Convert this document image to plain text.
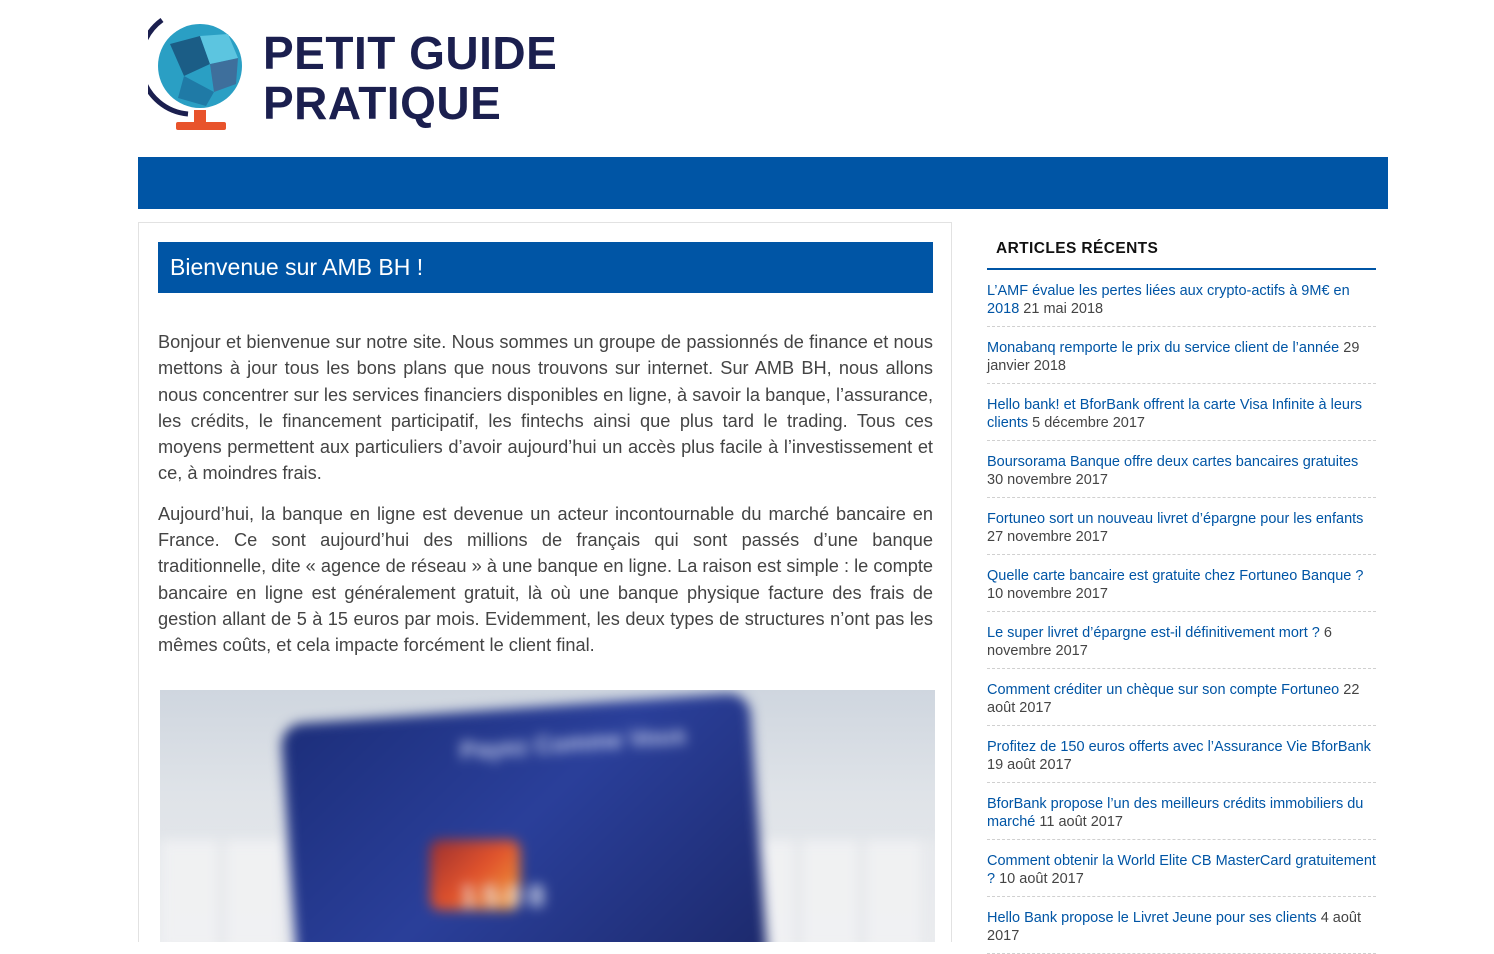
PETIT GUIDE
PRATIQUE
Bienvenue sur AMB BH !

Bonjour et bienvenue sur notre site. Nous sommes un groupe de passionnés de finance et nous mettons à jour tous les bons plans que nous trouvons sur internet. Sur AMB BH, nous allons nous concentrer sur les services financiers disponibles en ligne, à savoir la banque, l’assurance, les crédits, le financement participatif, les fintechs ainsi que plus tard le trading. Tous ces moyens permettent aux particuliers d’avoir aujourd’hui un accès plus facile à l’investissement et ce, à moindres frais.

Aujourd’hui, la banque en ligne est devenue un acteur incontournable du marché bancaire en France. Ce sont aujourd’hui des millions de français qui sont passés d’une banque traditionnelle, dite « agence de réseau » à une banque en ligne. La raison est simple : le compte bancaire en ligne est généralement gratuit, là où une banque physique facture des frais de gestion allant de 5 à 15 euros par mois. Evidemment, les deux types de structures n’ont pas les mêmes coûts, et cela impacte forcément le client final.

Payez Comme Vous
1508
ARTICLES RÉCENTS
L’AMF évalue les pertes liées aux crypto-actifs à 9M€ en 2018 21 mai 2018
Monabanq remporte le prix du service client de l’année 29 janvier 2018
Hello bank! et BforBank offrent la carte Visa Infinite à leurs clients 5 décembre 2017
Boursorama Banque offre deux cartes bancaires gratuites 30 novembre 2017
Fortuneo sort un nouveau livret d’épargne pour les enfants 27 novembre 2017
Quelle carte bancaire est gratuite chez Fortuneo Banque ? 10 novembre 2017
Le super livret d’épargne est-il définitivement mort ? 6 novembre 2017
Comment créditer un chèque sur son compte Fortuneo 22 août 2017
Profitez de 150 euros offerts avec l’Assurance Vie BforBank 19 août 2017
BforBank propose l’un des meilleurs crédits immobiliers du marché 11 août 2017
Comment obtenir la World Elite CB MasterCard gratuitement ? 10 août 2017
Hello Bank propose le Livret Jeune pour ses clients 4 août 2017
